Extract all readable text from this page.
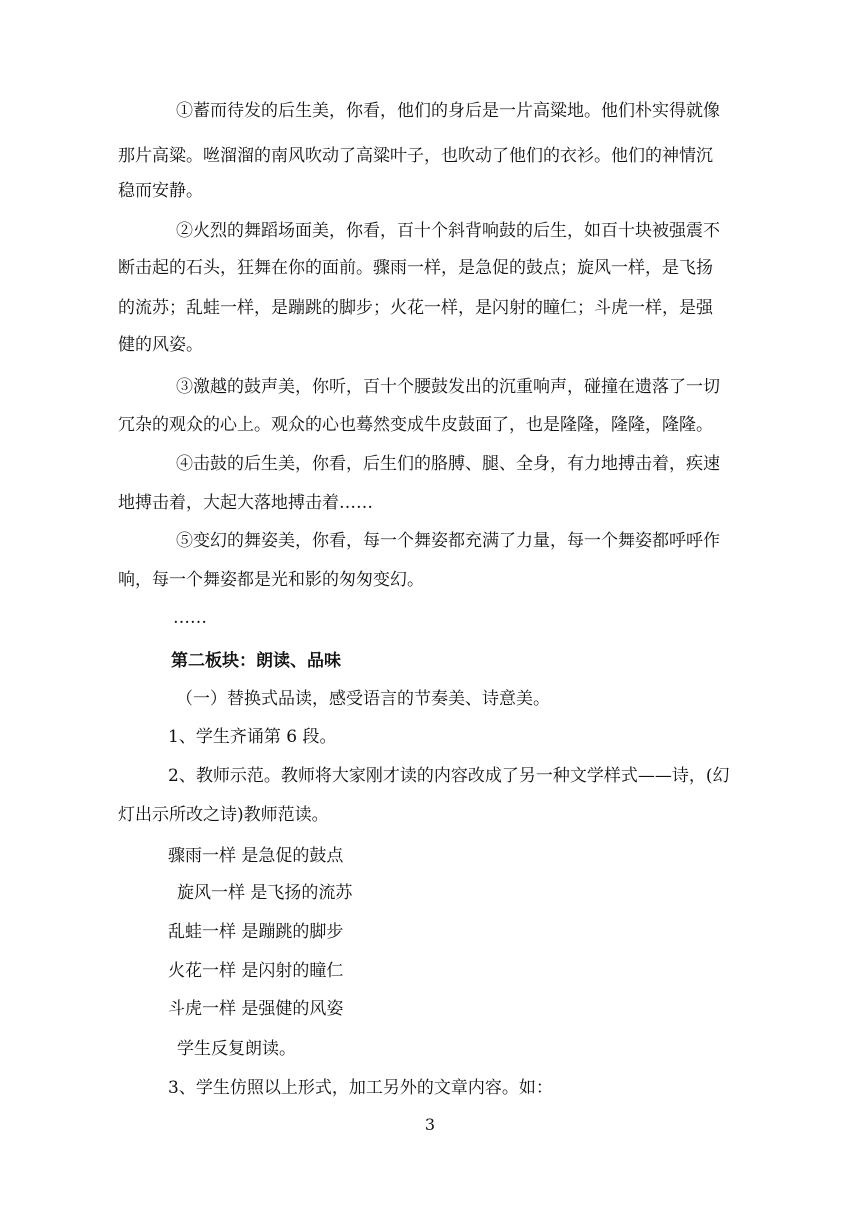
①蓄而待发的后生美，你看，他们的身后是一片高粱地。他们朴实得就像
那片高粱。咝溜溜的南风吹动了高粱叶子，也吹动了他们的衣衫。他们的神情沉
稳而安静。
②火烈的舞蹈场面美，你看，百十个斜背响鼓的后生，如百十块被强震不
断击起的石头，狂舞在你的面前。骤雨一样，是急促的鼓点；旋风一样，是飞扬
的流苏；乱蛙一样，是蹦跳的脚步；火花一样，是闪射的瞳仁；斗虎一样，是强
健的风姿。
③激越的鼓声美，你听，百十个腰鼓发出的沉重响声，碰撞在遗落了一切
冗杂的观众的心上。观众的心也蓦然变成牛皮鼓面了，也是隆隆，隆隆，隆隆。
④击鼓的后生美，你看，后生们的胳膊、腿、全身，有力地搏击着，疾速
地搏击着，大起大落地搏击着……
⑤变幻的舞姿美，你看，每一个舞姿都充满了力量，每一个舞姿都呼呼作
响，每一个舞姿都是光和影的匆匆变幻。
……
第二板块：朗读、品味
（一）替换式品读，感受语言的节奏美、诗意美。
1、学生齐诵第 6 段。
2、教师示范。教师将大家刚才读的内容改成了另一种文学样式——诗，(幻
灯出示所改之诗)教师范读。
骤雨一样 是急促的鼓点
旋风一样 是飞扬的流苏
乱蛙一样 是蹦跳的脚步
火花一样 是闪射的瞳仁
斗虎一样 是强健的风姿
学生反复朗读。
3、学生仿照以上形式，加工另外的文章内容。如：
3
